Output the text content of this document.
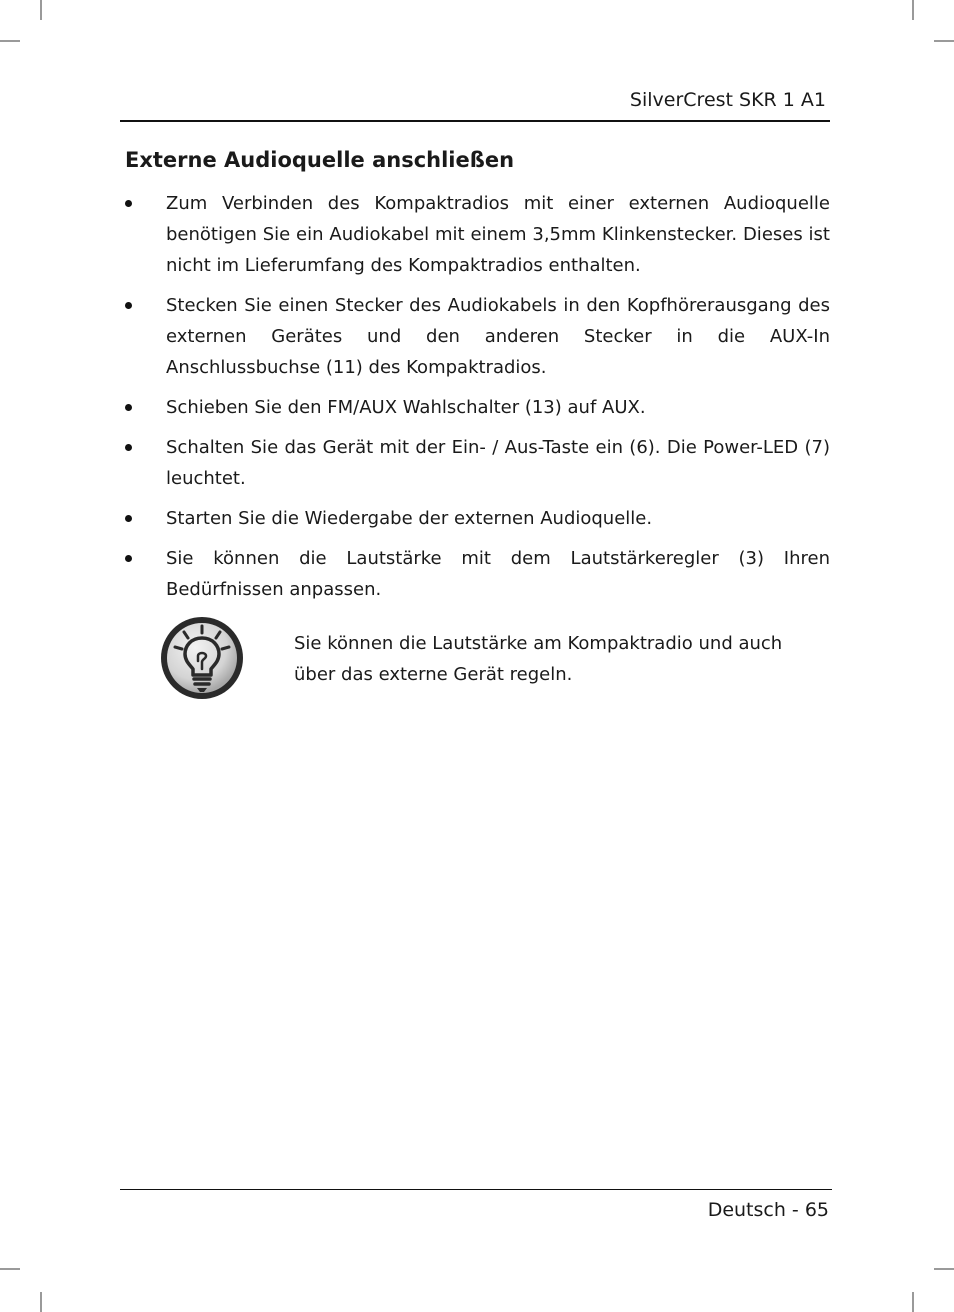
SilverCrest SKR 1 A1
Externe Audioquelle anschließen
Zum Verbinden des Kompaktradios mit einer externen Audioquelle benötigen Sie ein Audiokabel mit einem 3,5mm Klinkenstecker. Dieses ist nicht im Lieferumfang des Kompaktradios enthalten.
Stecken Sie einen Stecker des Audiokabels in den Kopfhörerausgang des externen Gerätes und den anderen Stecker in die AUX-In Anschlussbuchse (11) des Kompaktradios.
Schieben Sie den FM/AUX Wahlschalter (13) auf AUX.
Schalten Sie das Gerät mit der Ein- / Aus-Taste ein (6). Die Power-LED (7) leuchtet.
Starten Sie die Wiedergabe der externen Audioquelle.
Sie können die Lautstärke mit dem Lautstärkeregler (3) Ihren Bedürfnissen anpassen.
Sie können die Lautstärke am Kompaktradio und auch
über das externe Gerät regeln.
Deutsch - 65
